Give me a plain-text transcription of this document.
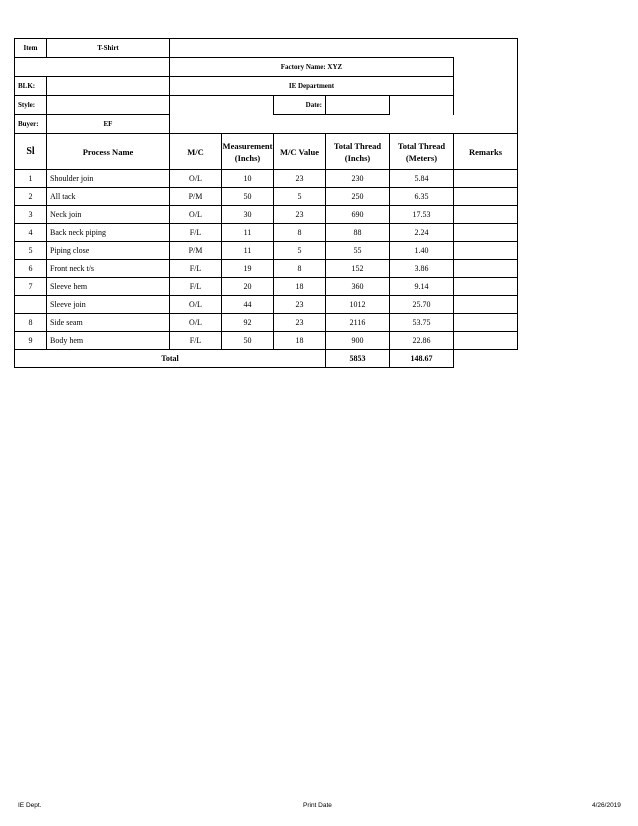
Item	T-Shirt						
		Factory Name: XYZ					
BLK:		IE Department					
Style:				Date:			
Buyer:	EF						
Sl	Process Name	M/C	Measurement (Inchs)	M/C Value	Total Thread (Inchs)	Total Thread (Meters)	Remarks
1	Shoulder join	O/L	10	23	230	5.84	
2	All tack	P/M	50	5	250	6.35	
3	Neck join	O/L	30	23	690	17.53	
4	Back neck piping	F/L	11	8	88	2.24	
5	Piping close	P/M	11	5	55	1.40	
6	Front neck t/s	F/L	19	8	152	3.86	
7	Sleeve hem	F/L	20	18	360	9.14	
	Sleeve join	O/L	44	23	1012	25.70	
8	Side seam	O/L	92	23	2116	53.75	
9	Body hem	F/L	50	18	900	22.86	
Total					5853	148.67	
IE Dept.	Print Date	4/26/2019
